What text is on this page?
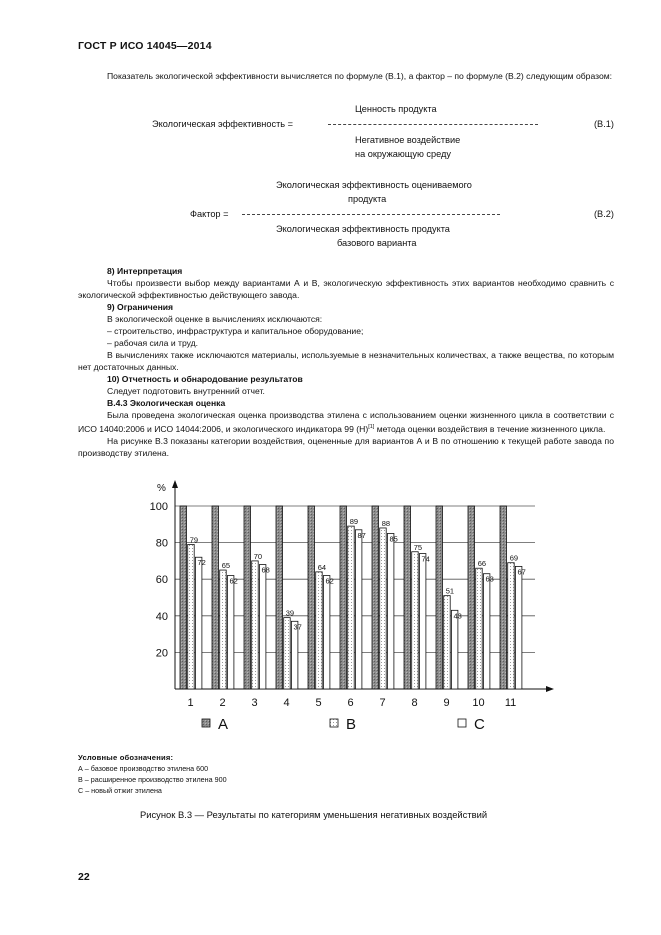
ГОСТ Р ИСО 14045—2014
Показатель экологической эффективности вычисляется по формуле (В.1), а фактор – по формуле (В.2) следующим образом:
Ценность продукта
Экологическая эффективность =	(В.1)
Негативное воздействие
на окружающую среду
Экологическая эффективность оцениваемого
продукта
Фактор =	(В.2)
Экологическая эффективность продукта
базового варианта
8) Интерпретация
Чтобы произвести выбор между вариантами А и В, экологическую эффективность этих вариантов необходимо сравнить с экологической эффективностью действующего завода.
9) Ограничения
В экологической оценке в вычислениях исключаются:
– строительство, инфраструктура и капитальное оборудование;
– рабочая сила и труд.
В вычислениях также исключаются материалы, используемые в незначительных количествах, а также вещества, по которым нет достаточных данных.
10) Отчетность и обнародование результатов
Следует подготовить внутренний отчет.
В.4.3 Экологическая оценка
Была проведена экологическая оценка производства этилена с использованием оценки жизненного цикла в соответствии с ИСО 14040:2006 и ИСО 14044:2006, и экологического индикатора 99 (Н)[1] метода оценки воздействия в течение жизненного цикла.
На рисунке В.3 показаны категории воздействия, оцененные для вариантов А и В по отношению к текущей работе завода по производству этилена.
20
40
60
80
100
%
79
72
1
65
62
2
70
68
3
39
37
4
64
62
5
89
87
6
88
85
7
75
74
8
51
43
9
66
63
10
69
67
11
A	B	C
Условные обозначения:
А – базовое производство этилена 600
В – расширенное производство этилена 900
С – новый отжиг этилена
Рисунок В.3 — Результаты по категориям уменьшения негативных воздействий
22
